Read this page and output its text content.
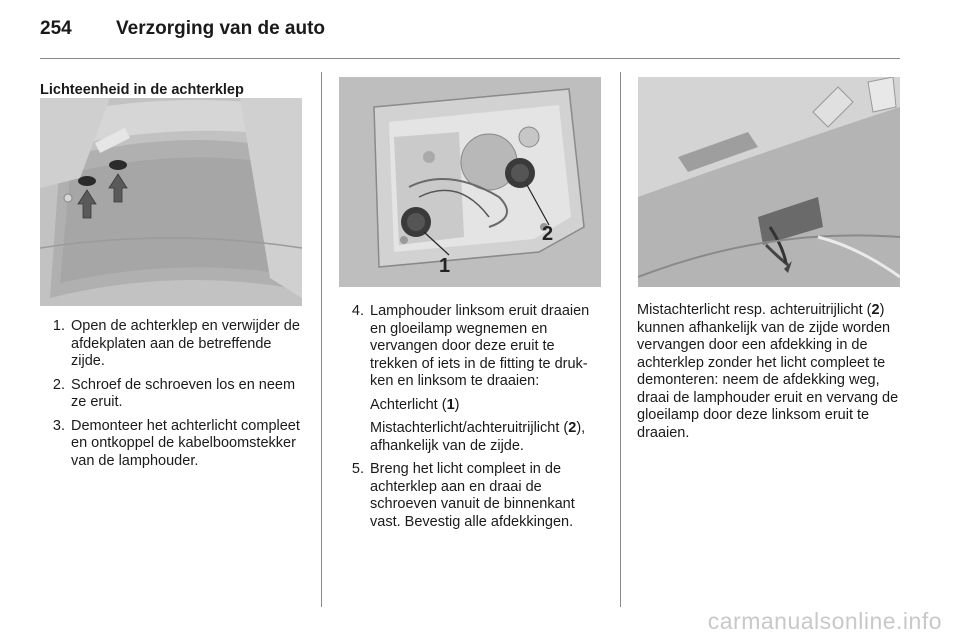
254 Verzorging van de auto
Lichteenheid in de achterklep
1
2
1. Open de achterklep en verwijder de afdekplaten aan de betreffende zijde.
2. Schroef de schroeven los en neem ze eruit.
3. Demonteer het achterlicht compleet en ontkoppel de kabelboomstekker van de lamphouder.
4. Lamphouder linksom eruit draaien en gloeilamp wegnemen en vervangen door deze eruit te trekken of iets in de fitting te drukken en linksom te draaien:

Achterlicht (1)

Mistachterlicht/achteruitrijlicht (2), afhankelijk van de zijde.

5. Breng het licht compleet in de achterklep aan en draai de schroeven vanuit de binnenkant vast. Bevestig alle afdekkingen.

Mistachterlicht resp. achteruitrijlicht (2) kunnen afhankelijk van de zijde worden vervangen door een afdekking in de achterklep zonder het licht compleet te demonteren: neem de afdekking weg, draai de lamphouder eruit en vervang de gloeilamp door deze linksom eruit te draaien.

carmanualsonline.info
